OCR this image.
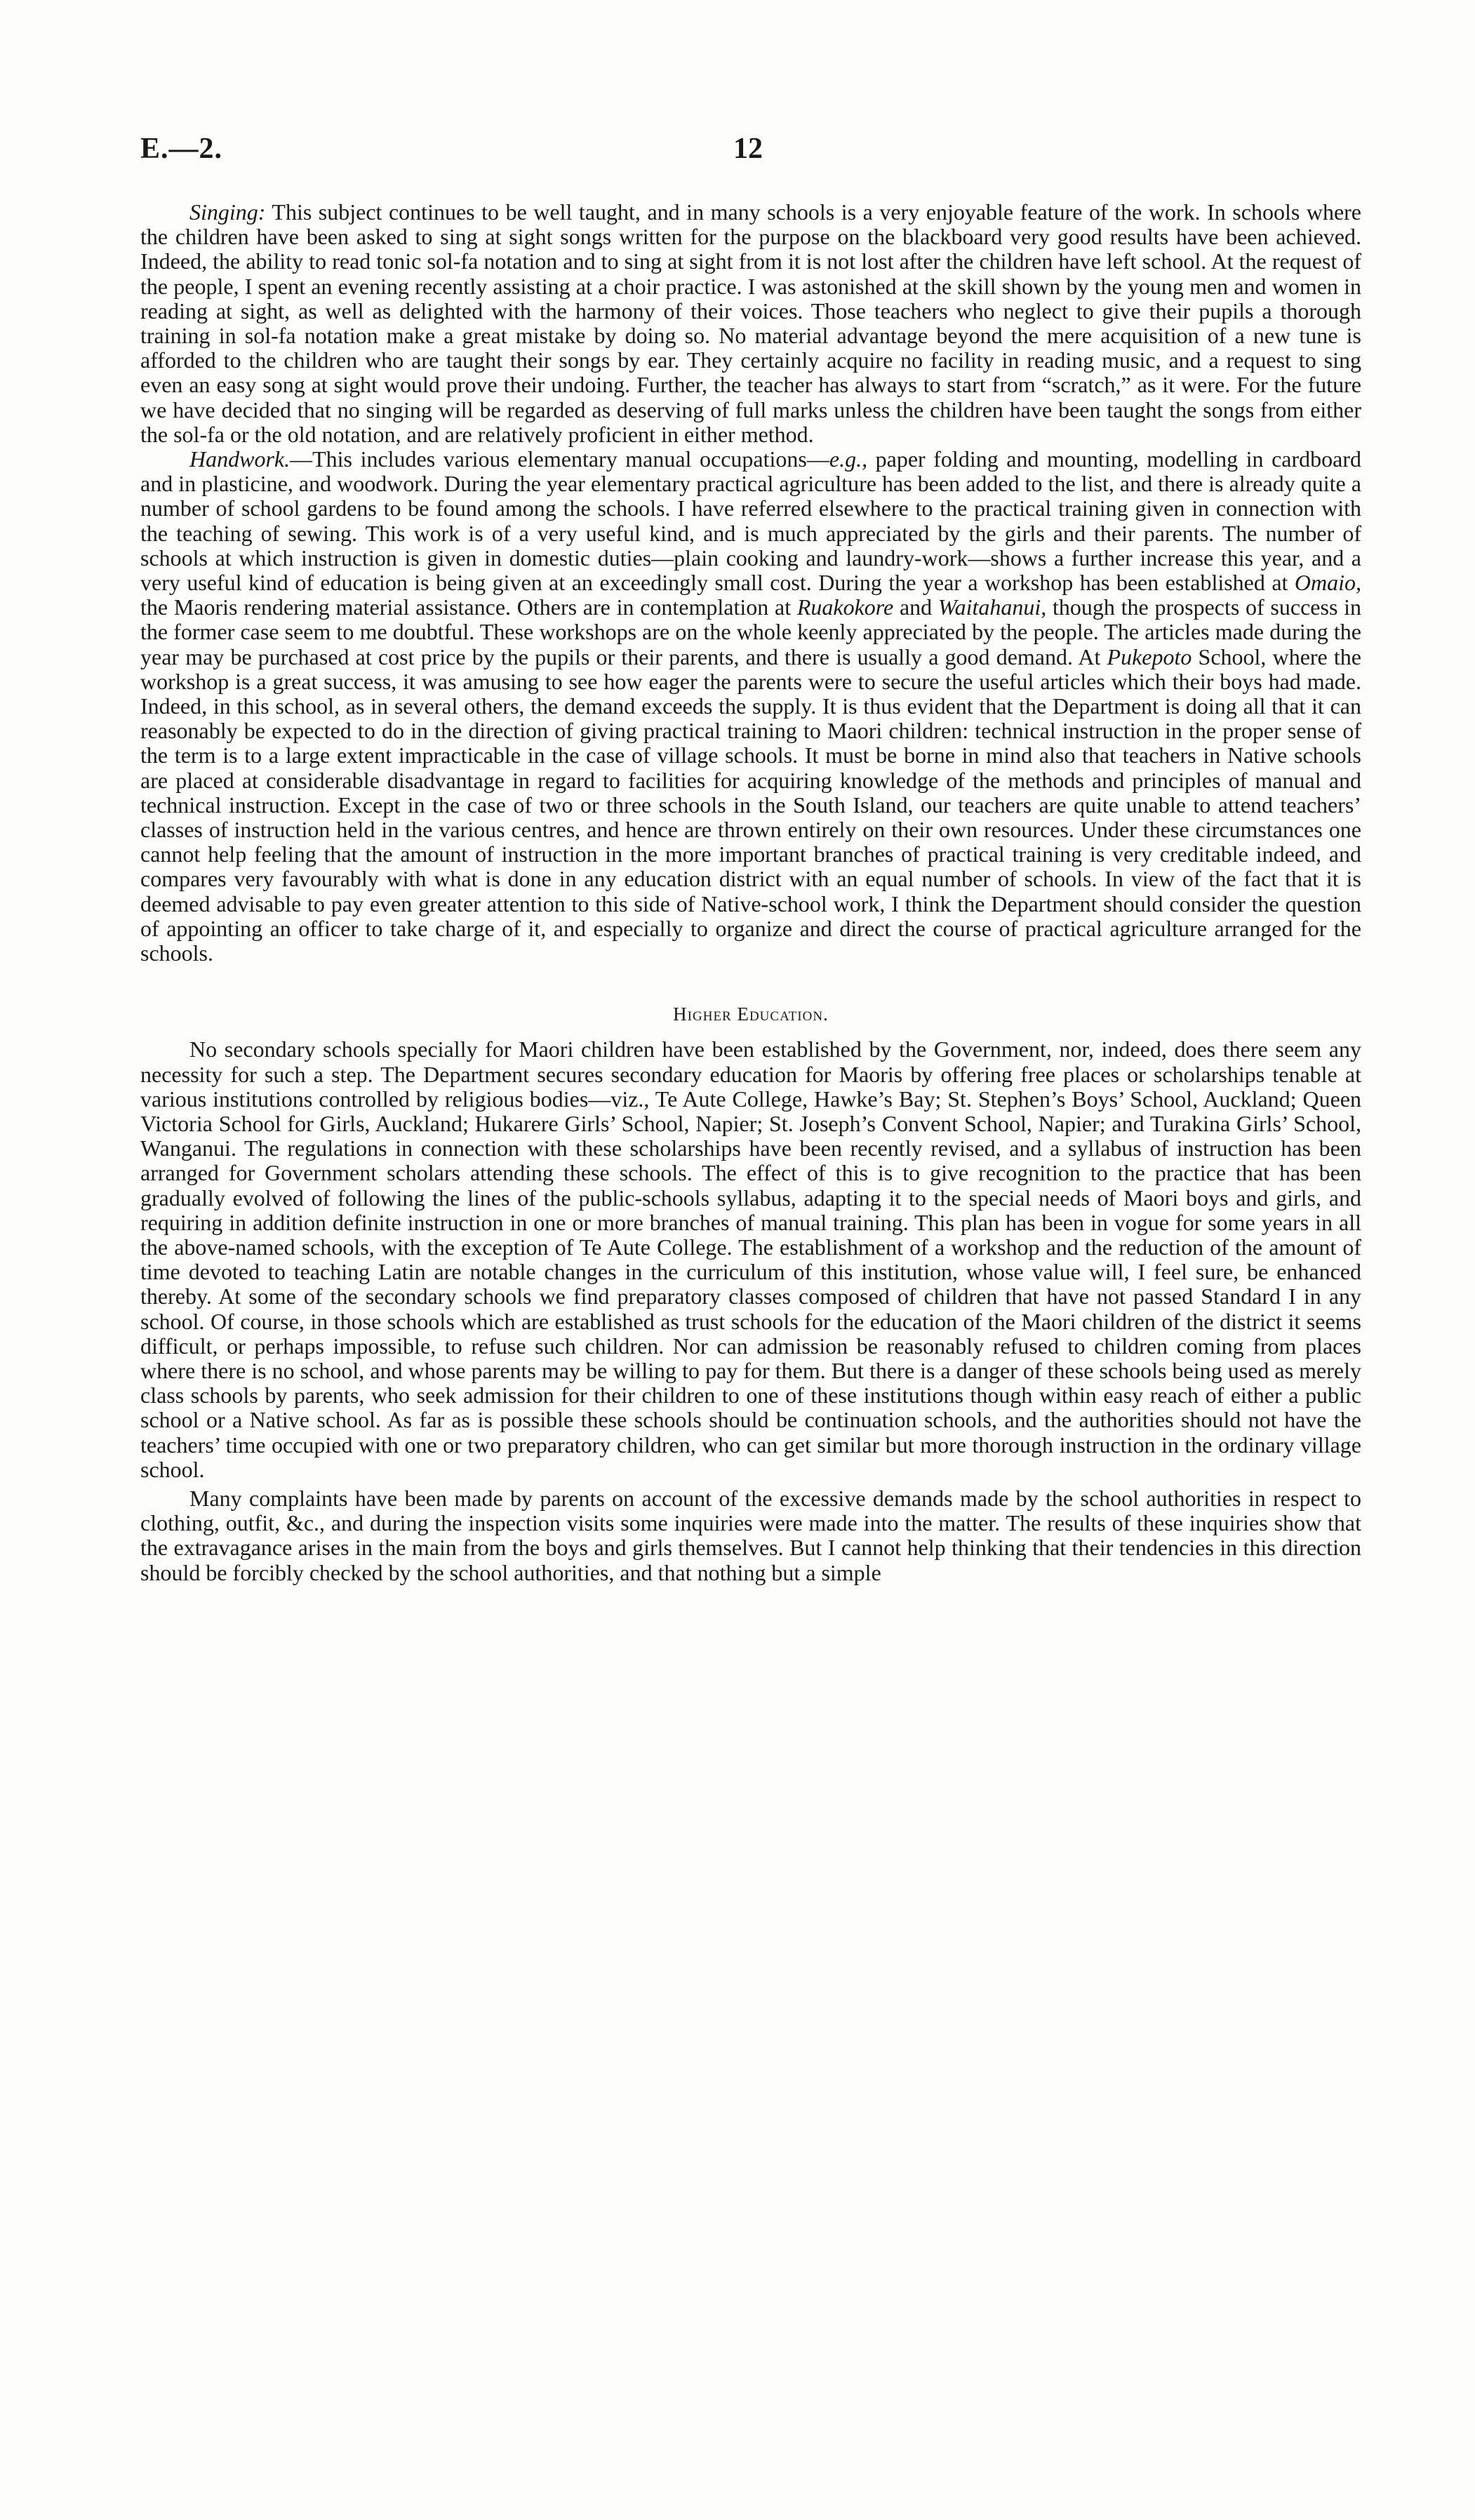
E.—2.	12

Singing: This subject continues to be well taught, and in many schools is a very enjoyable feature of the work. In schools where the children have been asked to sing at sight songs written for the purpose on the blackboard very good results have been achieved. Indeed, the ability to read tonic sol-fa notation and to sing at sight from it is not lost after the children have left school. At the request of the people, I spent an evening recently assisting at a choir practice. I was astonished at the skill shown by the young men and women in reading at sight, as well as delighted with the harmony of their voices. Those teachers who neglect to give their pupils a thorough training in sol-fa notation make a great mistake by doing so. No material advantage beyond the mere acquisition of a new tune is afforded to the children who are taught their songs by ear. They certainly acquire no facility in reading music, and a request to sing even an easy song at sight would prove their undoing. Further, the teacher has always to start from “scratch,” as it were. For the future we have decided that no singing will be regarded as deserving of full marks unless the children have been taught the songs from either the sol-fa or the old notation, and are relatively proficient in either method.

Handwork.—This includes various elementary manual occupations—e.g., paper folding and mounting, modelling in cardboard and in plasticine, and woodwork. During the year elementary practical agriculture has been added to the list, and there is already quite a number of school gardens to be found among the schools. I have referred elsewhere to the practical training given in connection with the teaching of sewing. This work is of a very useful kind, and is much appreciated by the girls and their parents. The number of schools at which instruction is given in domestic duties—plain cooking and laundry-work—shows a further increase this year, and a very useful kind of education is being given at an exceedingly small cost. During the year a workshop has been established at Omaio, the Maoris rendering material assistance. Others are in contemplation at Ruakokore and Waitahanui, though the prospects of success in the former case seem to me doubtful. These workshops are on the whole keenly appreciated by the people. The articles made during the year may be purchased at cost price by the pupils or their parents, and there is usually a good demand. At Pukepoto School, where the workshop is a great success, it was amusing to see how eager the parents were to secure the useful articles which their boys had made. Indeed, in this school, as in several others, the demand exceeds the supply. It is thus evident that the Department is doing all that it can reasonably be expected to do in the direction of giving practical training to Maori children: technical instruction in the proper sense of the term is to a large extent impracticable in the case of village schools. It must be borne in mind also that teachers in Native schools are placed at considerable disadvantage in regard to facilities for acquiring knowledge of the methods and principles of manual and technical instruction. Except in the case of two or three schools in the South Island, our teachers are quite unable to attend teachers’ classes of instruction held in the various centres, and hence are thrown entirely on their own resources. Under these circumstances one cannot help feeling that the amount of instruction in the more important branches of practical training is very creditable indeed, and compares very favourably with what is done in any education district with an equal number of schools. In view of the fact that it is deemed advisable to pay even greater attention to this side of Native-school work, I think the Department should consider the question of appointing an officer to take charge of it, and especially to organize and direct the course of practical agriculture arranged for the schools.

Higher Education.

No secondary schools specially for Maori children have been established by the Government, nor, indeed, does there seem any necessity for such a step. The Department secures secondary education for Maoris by offering free places or scholarships tenable at various institutions controlled by religious bodies—viz., Te Aute College, Hawke’s Bay; St. Stephen’s Boys’ School, Auckland; Queen Victoria School for Girls, Auckland; Hukarere Girls’ School, Napier; St. Joseph’s Convent School, Napier; and Turakina Girls’ School, Wanganui. The regulations in connection with these scholarships have been recently revised, and a syllabus of instruction has been arranged for Government scholars attending these schools. The effect of this is to give recognition to the practice that has been gradually evolved of following the lines of the public-schools syllabus, adapting it to the special needs of Maori boys and girls, and requiring in addition definite instruction in one or more branches of manual training. This plan has been in vogue for some years in all the above-named schools, with the exception of Te Aute College. The establishment of a workshop and the reduction of the amount of time devoted to teaching Latin are notable changes in the curriculum of this institution, whose value will, I feel sure, be enhanced thereby. At some of the secondary schools we find preparatory classes composed of children that have not passed Standard I in any school. Of course, in those schools which are established as trust schools for the education of the Maori children of the district it seems difficult, or perhaps impossible, to refuse such children. Nor can admission be reasonably refused to children coming from places where there is no school, and whose parents may be willing to pay for them. But there is a danger of these schools being used as merely class schools by parents, who seek admission for their children to one of these institutions though within easy reach of either a public school or a Native school. As far as is possible these schools should be continuation schools, and the authorities should not have the teachers’ time occupied with one or two preparatory children, who can get similar but more thorough instruction in the ordinary village school.

Many complaints have been made by parents on account of the excessive demands made by the school authorities in respect to clothing, outfit, &c., and during the inspection visits some inquiries were made into the matter. The results of these inquiries show that the extravagance arises in the main from the boys and girls themselves. But I cannot help thinking that their tendencies in this direction should be forcibly checked by the school authorities, and that nothing but a simple
